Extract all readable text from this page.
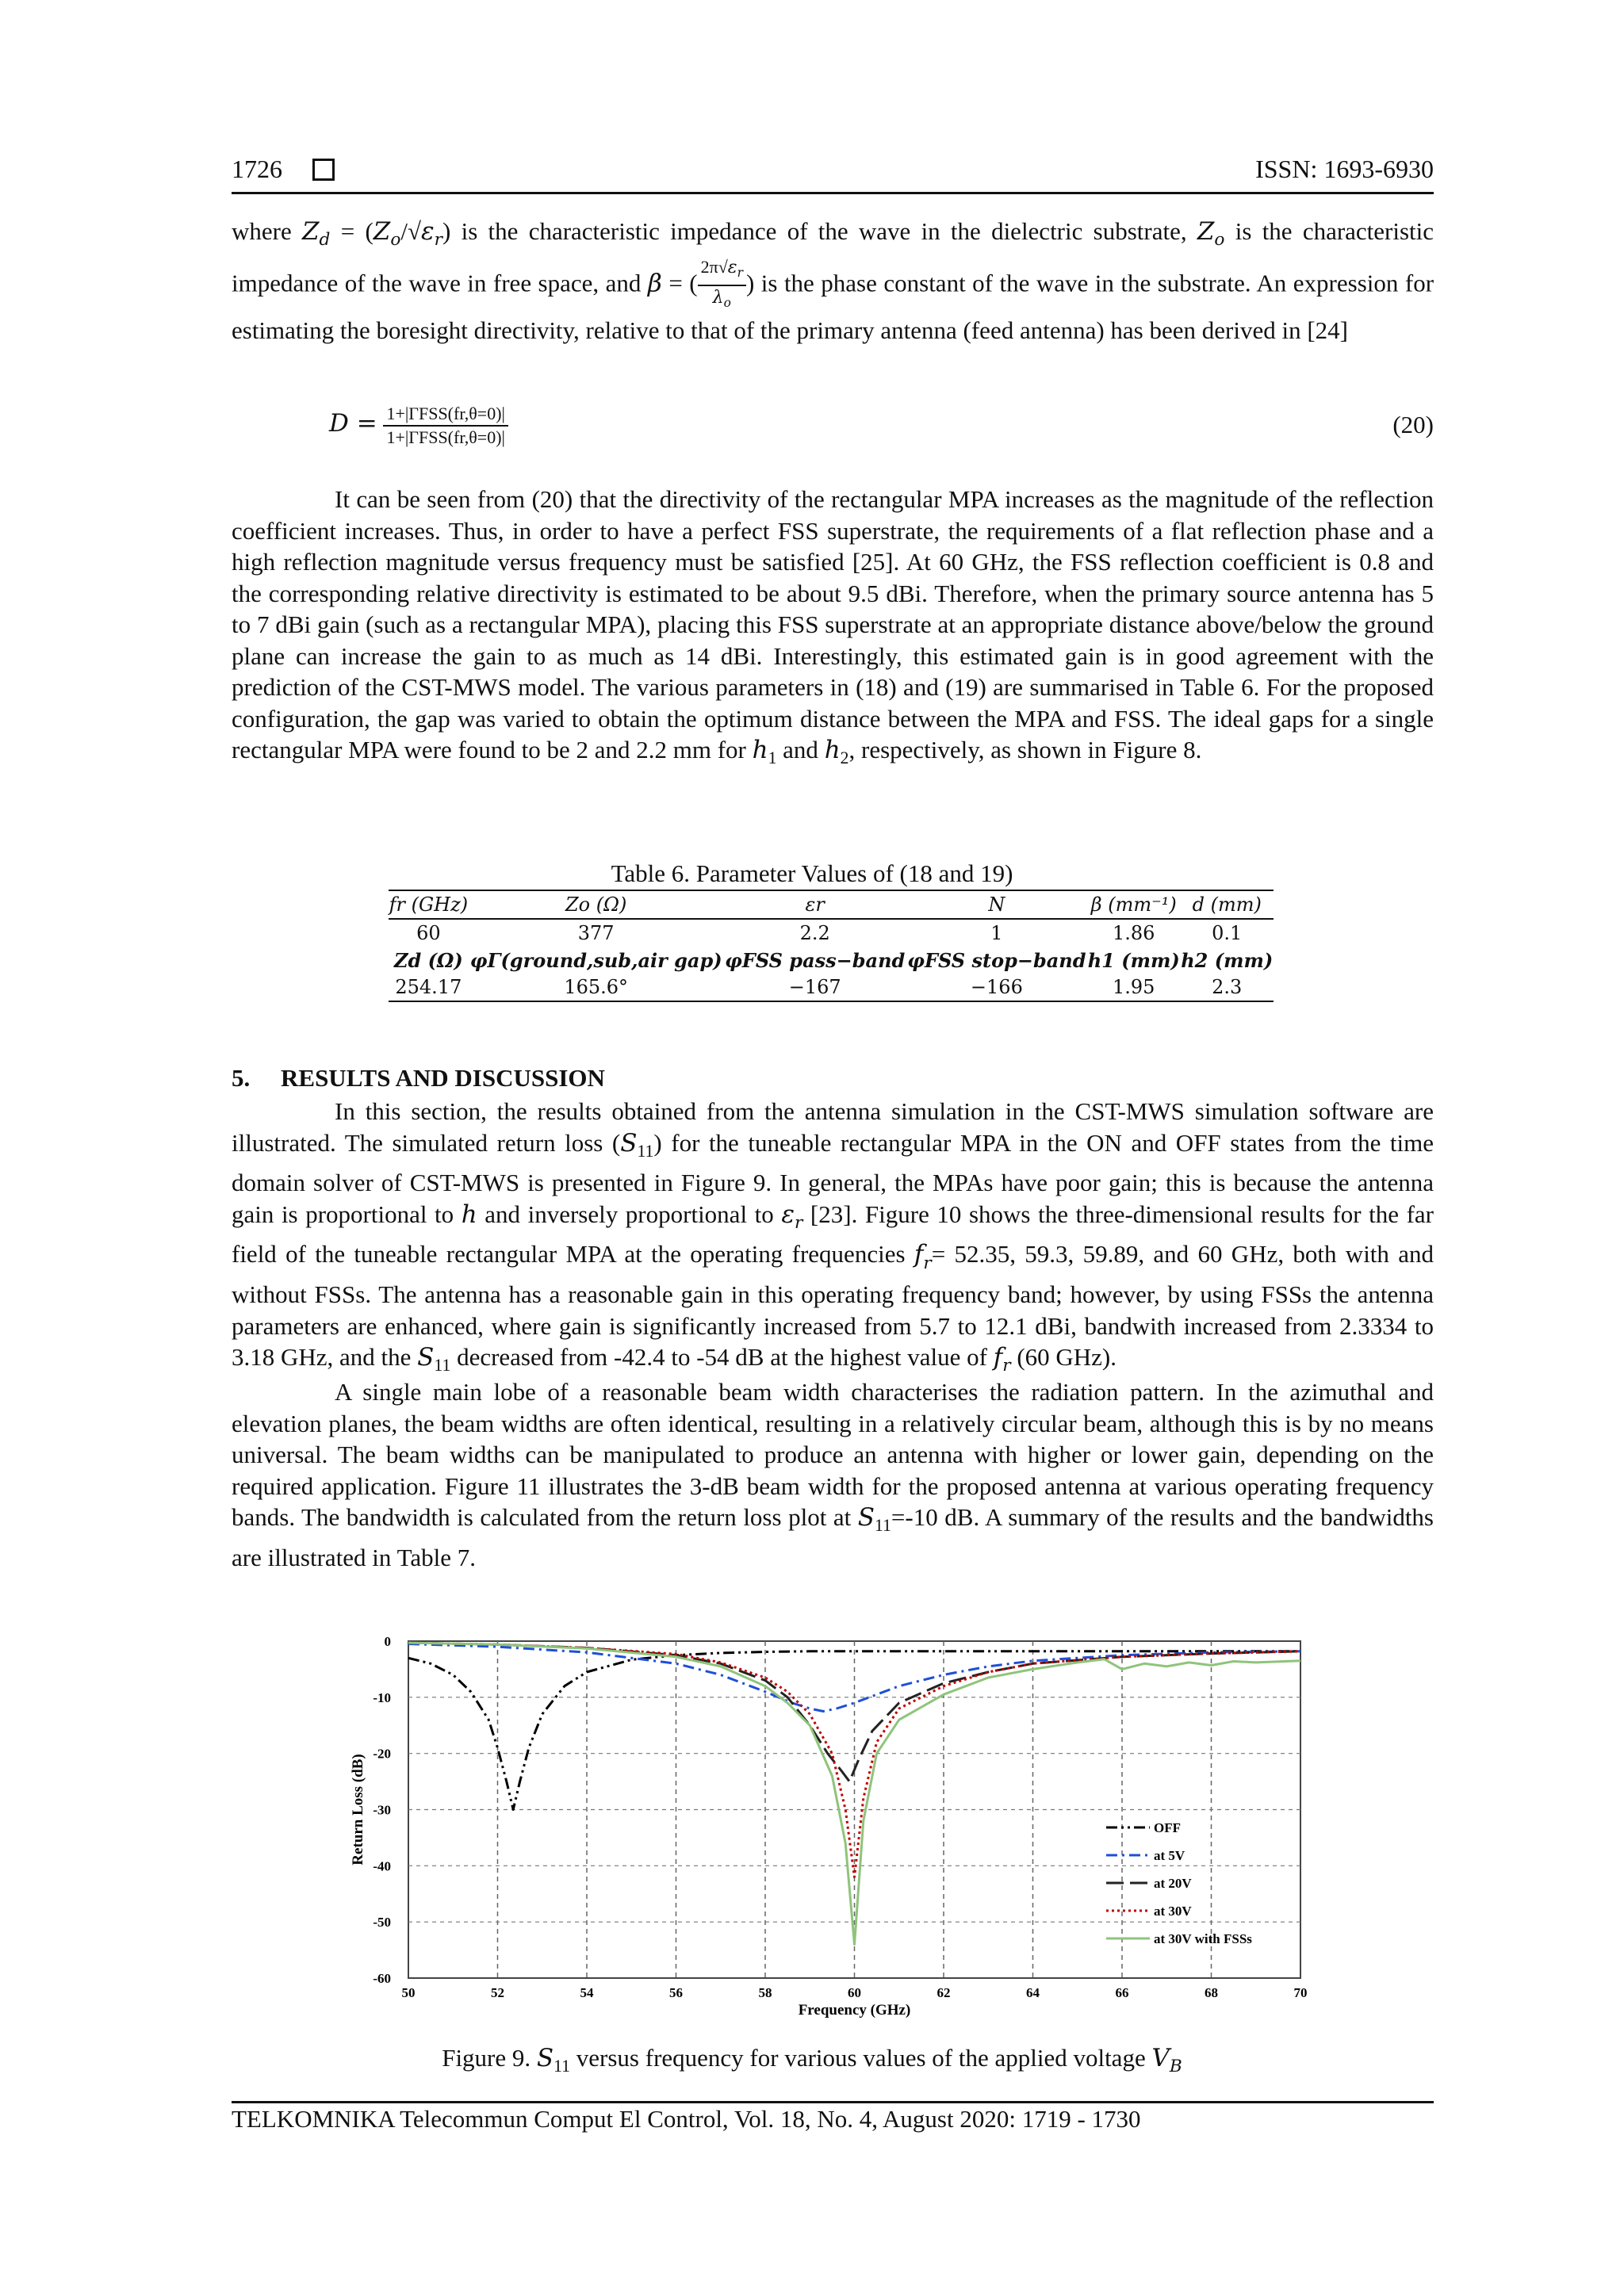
1726	ISSN: 1693-6930

where $Z_d = (Z_o/√\varepsilon_r)$ is the characteristic impedance of the wave in the dielectric substrate, $Z_o$ is the characteristic impedance of the wave in free space, and β = ( $\frac{2\pi√\varepsilon_r}{\lambda_o}$ ) is the phase constant of the wave in the substrate. An expression for estimating the boresight directivity, relative to that of the primary antenna (feed antenna) has been derived in [24]

$D = \frac{\text{1+|ΓFSS(fr,θ=0)|}}{\text{1+|ΓFSS(fr,θ=0)|}}$	(20)

It can be seen from (20) that the directivity of the rectangular MPA increases as the magnitude of the reflection coefficient increases. Thus, in order to have a perfect FSS superstrate, the requirements of a flat reflection phase and a high reflection magnitude versus frequency must be satisfied [25]. At 60 GHz, the FSS reflection coefficient is 0.8 and the corresponding relative directivity is estimated to be about 9.5 dBi. Therefore, when the primary source antenna has 5 to 7 dBi gain (such as a rectangular MPA), placing this FSS superstrate at an appropriate distance above/below the ground plane can increase the gain to as much as 14 dBi. Interestingly, this estimated gain is in good agreement with the prediction of the CST-MWS model. The various parameters in (18) and (19) are summarised in Table 6. For the proposed configuration, the gap was varied to obtain the optimum distance between the MPA and FSS. The ideal gaps for a single rectangular MPA were found to be 2 and 2.2 mm for $h_1$ and $h_2$, respectively, as shown in Figure 8.

Table 6. Parameter Values of (18 and 19)
fr (GHz)	Zo (Ω)	εr	N	β (mm⁻¹)	d (mm)
60	377	2.2	1	1.86	0.1
Zd (Ω)	φΓ(ground,sub,air gap)	φFSS pass−band	φFSS stop−band	h1 (mm)	h2 (mm)
254.17	165.6°	−167	−166	1.95	2.3
5. RESULTS AND DISCUSSION

In this section, the results obtained from the antenna simulation in the CST-MWS simulation software are illustrated. The simulated return loss $(S_{11})$ for the tuneable rectangular MPA in the ON and OFF states from the time domain solver of CST-MWS is presented in Figure 9. In general, the MPAs have poor gain; this is because the antenna gain is proportional to h and inversely proportional to $\varepsilon_r$ [23]. Figure 10 shows the three-dimensional results for the far field of the tuneable rectangular MPA at the operating frequencies $f_r= 52.35$, 59.3, 59.89, and 60 GHz, both with and without FSSs. The antenna has a reasonable gain in this operating frequency band; however, by using FSSs the antenna parameters are enhanced, where gain is significantly increased from 5.7 to 12.1 dBi, bandwith increased from 2.3334 to 3.18 GHz, and the $S_{11}$ decreased from -42.4 to -54 dB at the highest value of $f_r$ (60 GHz).

A single main lobe of a reasonable beam width characterises the radiation pattern. In the azimuthal and elevation planes, the beam widths are often identical, resulting in a relatively circular beam, although this is by no means universal. The beam widths can be manipulated to produce an antenna with higher or lower gain, depending on the required application. Figure 11 illustrates the 3-dB beam width for the proposed antenna at various operating frequency bands. The bandwidth is calculated from the return loss plot at $S_{11}=-10$ dB. A summary of the results and the bandwidths are illustrated in Table 7.

50	52	54	56	58	60	62	64	66	68	70
0
-10
-20
-30
-40
-50
-60
Frequency (GHz)
Return Loss (dB)	OFF
at 5V
at 20V
at 30V
at 30V with FSSs
Figure 9. $S_{11}$ versus frequency for various values of the applied voltage $V_B$
TELKOMNIKA Telecommun Comput El Control, Vol. 18, No. 4, August 2020: 1719 - 1730
